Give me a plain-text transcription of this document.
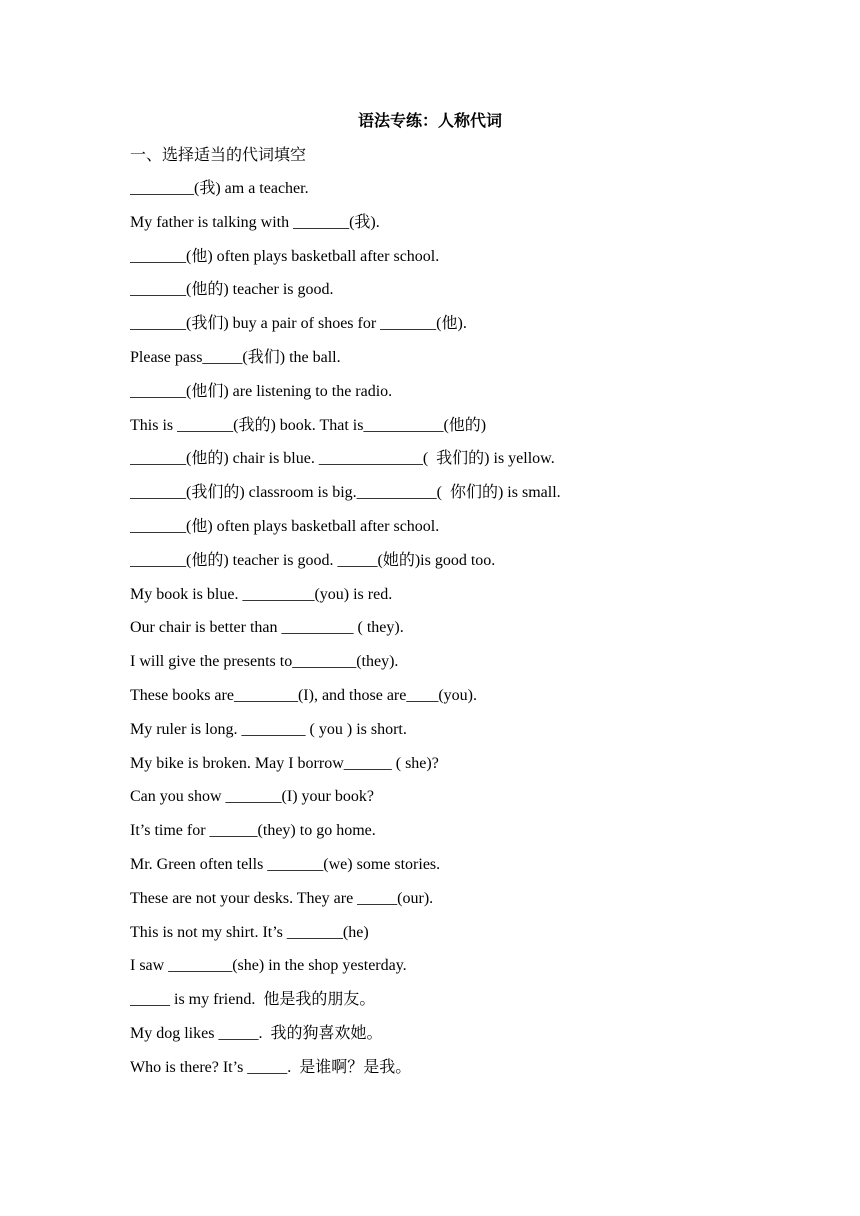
语法专练：人称代词
一、选择适当的代词填空
________(我) am a teacher.
My father is talking with _______(我).
_______(他) often plays basketball after school.
_______(他的) teacher is good.
_______(我们) buy a pair of shoes for _______(他).
Please pass_____(我们) the ball.
_______(他们) are listening to the radio.
This is _______(我的) book. That is__________(他的)
_______(他的) chair is blue. _____________(  我们的) is yellow.
_______(我们的) classroom is big.__________(  你们的) is small.
_______(他) often plays basketball after school.
_______(他的) teacher is good. _____(她的)is good too.
My book is blue. _________(you) is red.
Our chair is better than _________ ( they).
I will give the presents to________(they).
These books are________(I), and those are____(you).
My ruler is long. ________ ( you ) is short.
My bike is broken. May I borrow______ ( she)?
Can you show _______(I) your book?
It’s time for ______(they) to go home.
Mr. Green often tells _______(we) some stories.
These are not your desks. They are _____(our).
This is not my shirt. It’s _______(he)
I saw ________(she) in the shop yesterday.
_____ is my friend.  他是我的朋友。
My dog likes _____.  我的狗喜欢她。
Who is there? It’s _____.  是谁啊？是我。
